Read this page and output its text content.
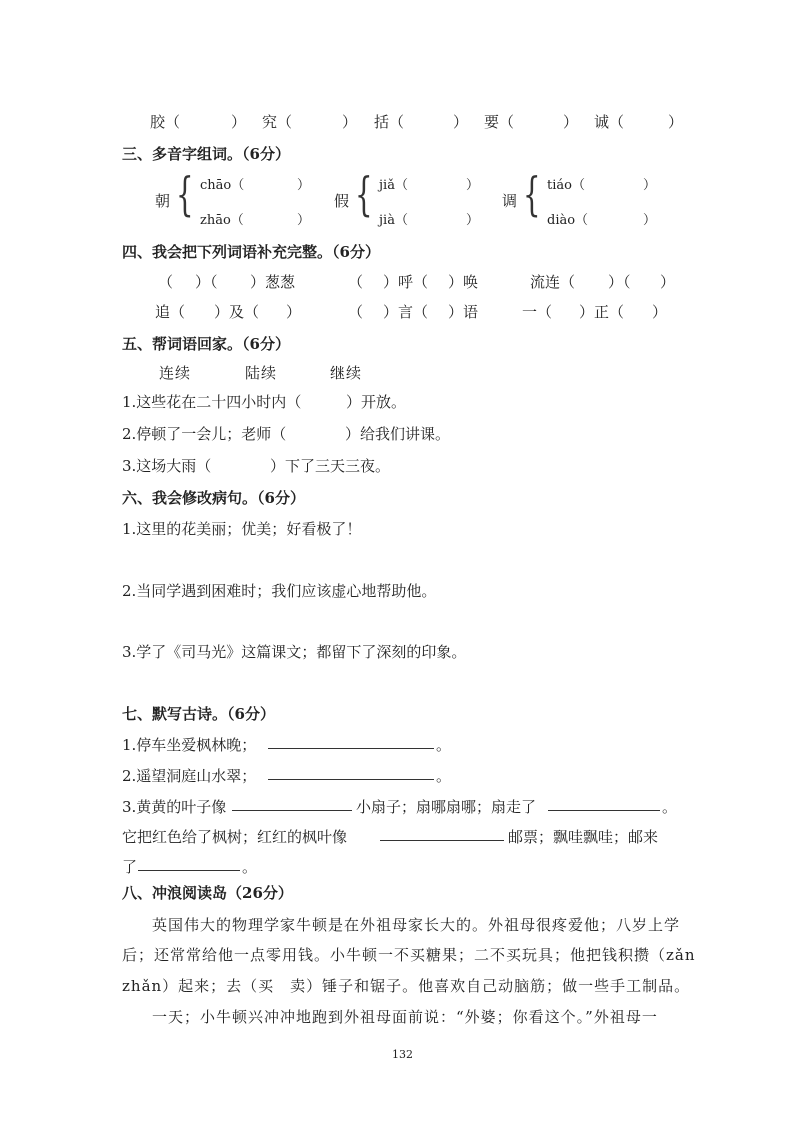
胶（	） 究（	） 括（	） 要（	） 诚（	）
三、多音字组词。（6分）
朝 { chāo（	）
zhāo（	）
假 { jiǎ（	）
jià（	）
调 { tiáo（	）
diào（	）
四、我会把下列词语补充完整。（6分）
（ ）（ ）葱葱	（ ）呼（ ）唤	流连（ ）（ ）
追（ ）及（ ）	（ ）言（ ）语	一（ ）正（ ）
五、帮词语回家。（6分）
连续	陆续	继续
1.这些花在二十四小时内（	）开放。
2.停顿了一会儿；老师（	）给我们讲课。
3.这场大雨（	）下了三天三夜。
六、我会修改病句。（6分）
1.这里的花美丽；优美；好看极了！
2.当同学遇到困难时；我们应该虚心地帮助他。
3.学了《司马光》这篇课文；都留下了深刻的印象。
七、默写古诗。（6分）
1.停车坐爱枫林晚；	。
2.遥望洞庭山水翠；	。
3.黄黄的叶子像	小扇子；扇哪扇哪；扇走了	。
它把红色给了枫树；红红的枫叶像	邮票；飘哇飘哇；邮来
了	。
八、冲浪阅读岛（26分）
英国伟大的物理学家牛顿是在外祖母家长大的。外祖母很疼爱他；八岁上学
后；还常常给他一点零用钱。小牛顿一不买糖果；二不买玩具；他把钱积攒（zǎn
zhǎn）起来；去（买　卖）锤子和锯子。他喜欢自己动脑筋；做一些手工制品。
一天；小牛顿兴冲冲地跑到外祖母面前说：“外婆；你看这个。”外祖母一
132
